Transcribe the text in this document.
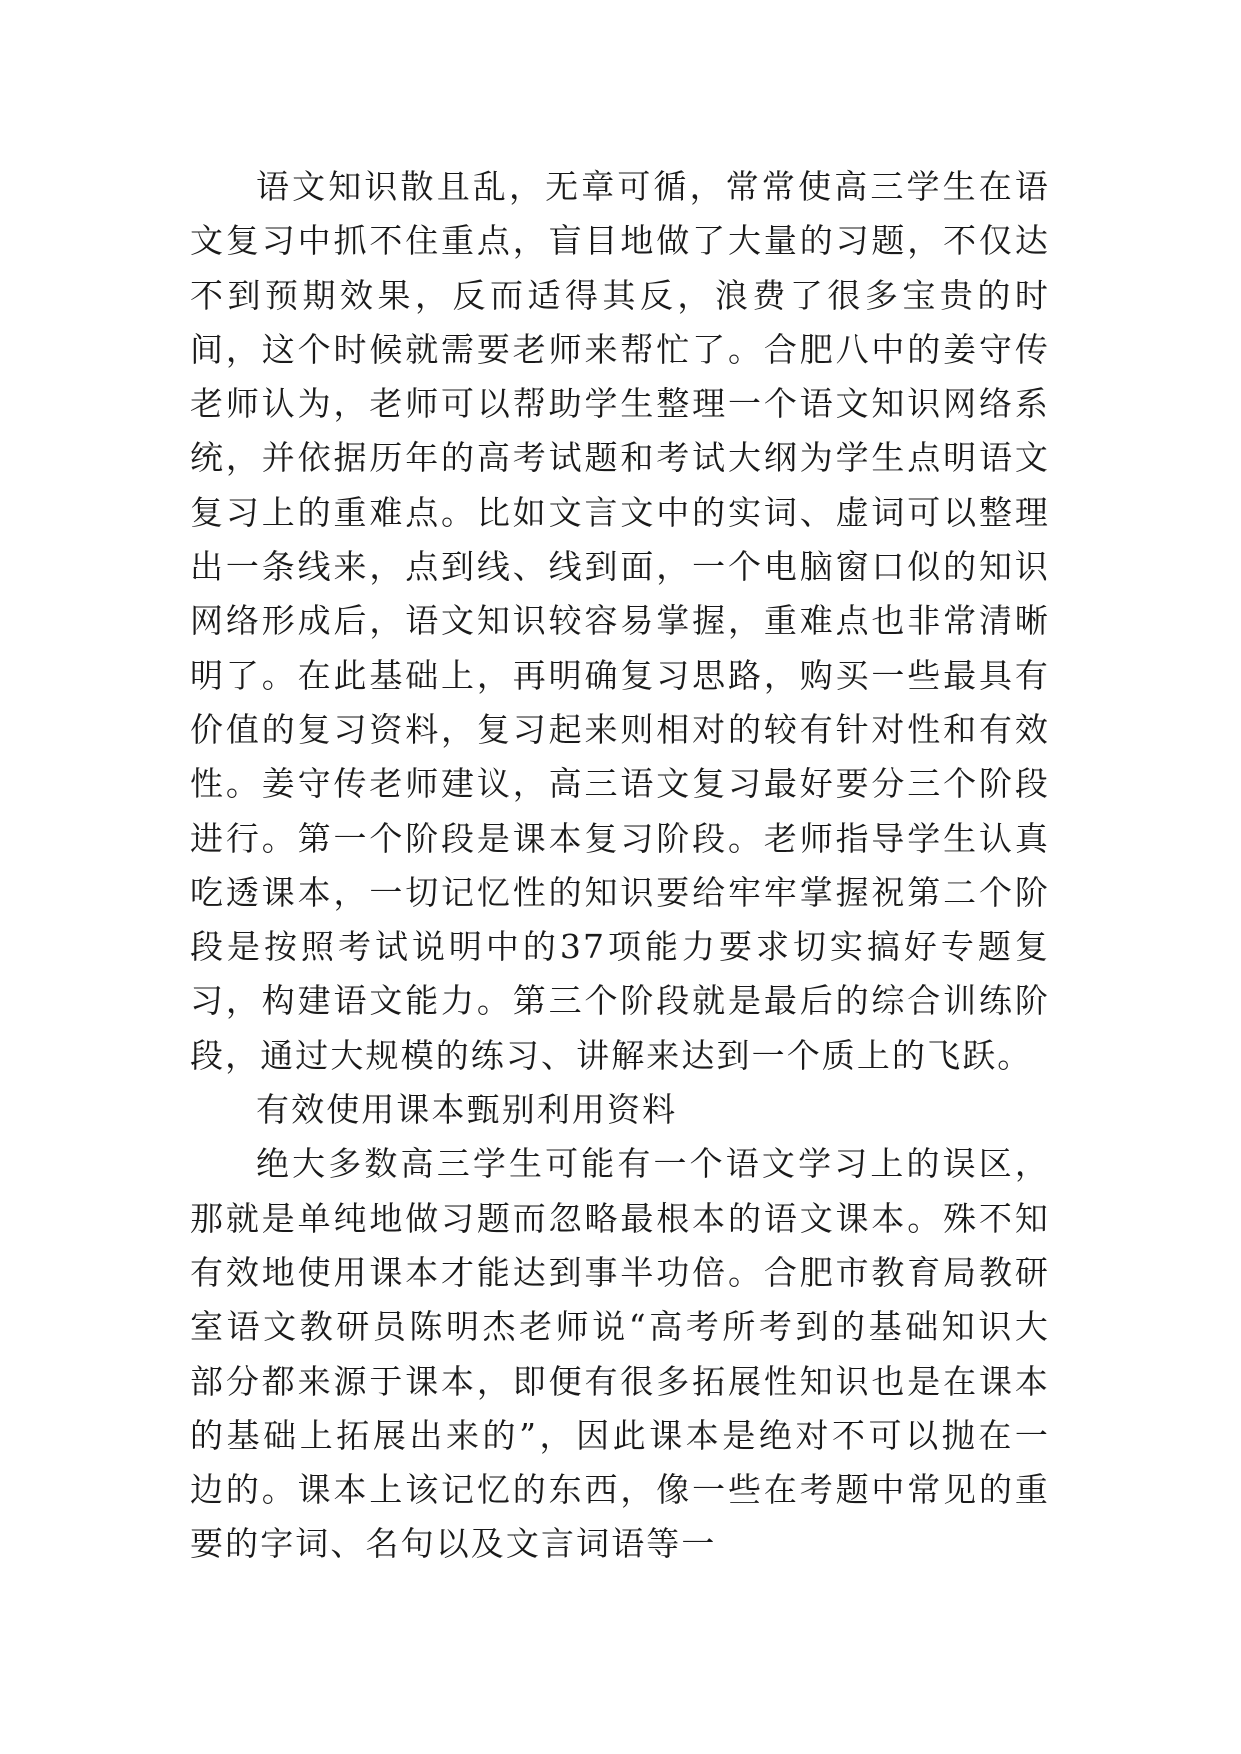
语文知识散且乱，无章可循，常常使高三学生在语文复习中抓不住重点，盲目地做了大量的习题，不仅达不到预期效果，反而适得其反，浪费了很多宝贵的时间，这个时候就需要老师来帮忙了。合肥八中的姜守传老师认为，老师可以帮助学生整理一个语文知识网络系统，并依据历年的高考试题和考试大纲为学生点明语文复习上的重难点。比如文言文中的实词、虚词可以整理出一条线来，点到线、线到面，一个电脑窗口似的知识网络形成后，语文知识较容易掌握，重难点也非常清晰明了。在此基础上，再明确复习思路，购买一些最具有价值的复习资料，复习起来则相对的较有针对性和有效性。姜守传老师建议，高三语文复习最好要分三个阶段进行。第一个阶段是课本复习阶段。老师指导学生认真吃透课本，一切记忆性的知识要给牢牢掌握祝第二个阶段是按照考试说明中的37项能力要求切实搞好专题复习，构建语文能力。第三个阶段就是最后的综合训练阶段，通过大规模的练习、讲解来达到一个质上的飞跃。

有效使用课本甄别利用资料

绝大多数高三学生可能有一个语文学习上的误区，那就是单纯地做习题而忽略最根本的语文课本。殊不知有效地使用课本才能达到事半功倍。合肥市教育局教研室语文教研员陈明杰老师说“高考所考到的基础知识大部分都来源于课本，即便有很多拓展性知识也是在课本的基础上拓展出来的”，因此课本是绝对不可以抛在一边的。课本上该记忆的东西，像一些在考题中常见的重要的字词、名句以及文言词语等一
